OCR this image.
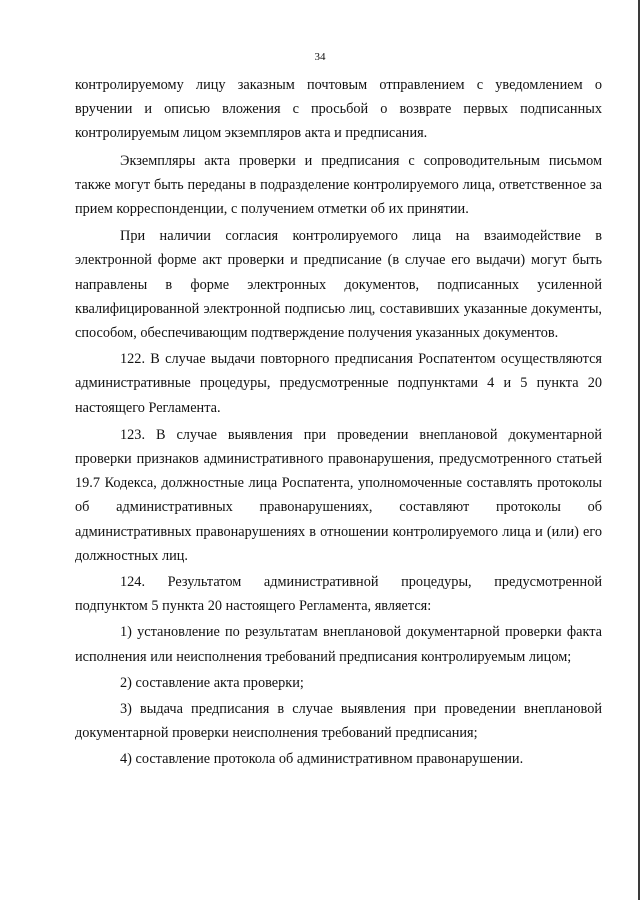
34

контролируемому лицу заказным почтовым отправлением с уведомлением о вручении и описью вложения с просьбой о возврате первых подписанных контролируемым лицом экземпляров акта и предписания.

Экземпляры акта проверки и предписания с сопроводительным письмом также могут быть переданы в подразделение контролируемого лица, ответственное за прием корреспонденции, с получением отметки об их принятии.

При наличии согласия контролируемого лица на взаимодействие в электронной форме акт проверки и предписание (в случае его выдачи) могут быть направлены в форме электронных документов, подписанных усиленной квалифицированной электронной подписью лиц, составивших указанные документы, способом, обеспечивающим подтверждение получения указанных документов.

122. В случае выдачи повторного предписания Роспатентом осуществляются административные процедуры, предусмотренные подпунктами 4 и 5 пункта 20 настоящего Регламента.

123. В случае выявления при проведении внеплановой документарной проверки признаков административного правонарушения, предусмотренного статьей 19.7 Кодекса, должностные лица Роспатента, уполномоченные составлять протоколы об административных правонарушениях, составляют протоколы об административных правонарушениях в отношении контролируемого лица и (или) его должностных лиц.

124. Результатом административной процедуры, предусмотренной подпунктом 5 пункта 20 настоящего Регламента, является:

1) установление по результатам внеплановой документарной проверки факта исполнения или неисполнения требований предписания контролируемым лицом;

2) составление акта проверки;

3) выдача предписания в случае выявления при проведении внеплановой документарной проверки неисполнения требований предписания;

4) составление протокола об административном правонарушении.
